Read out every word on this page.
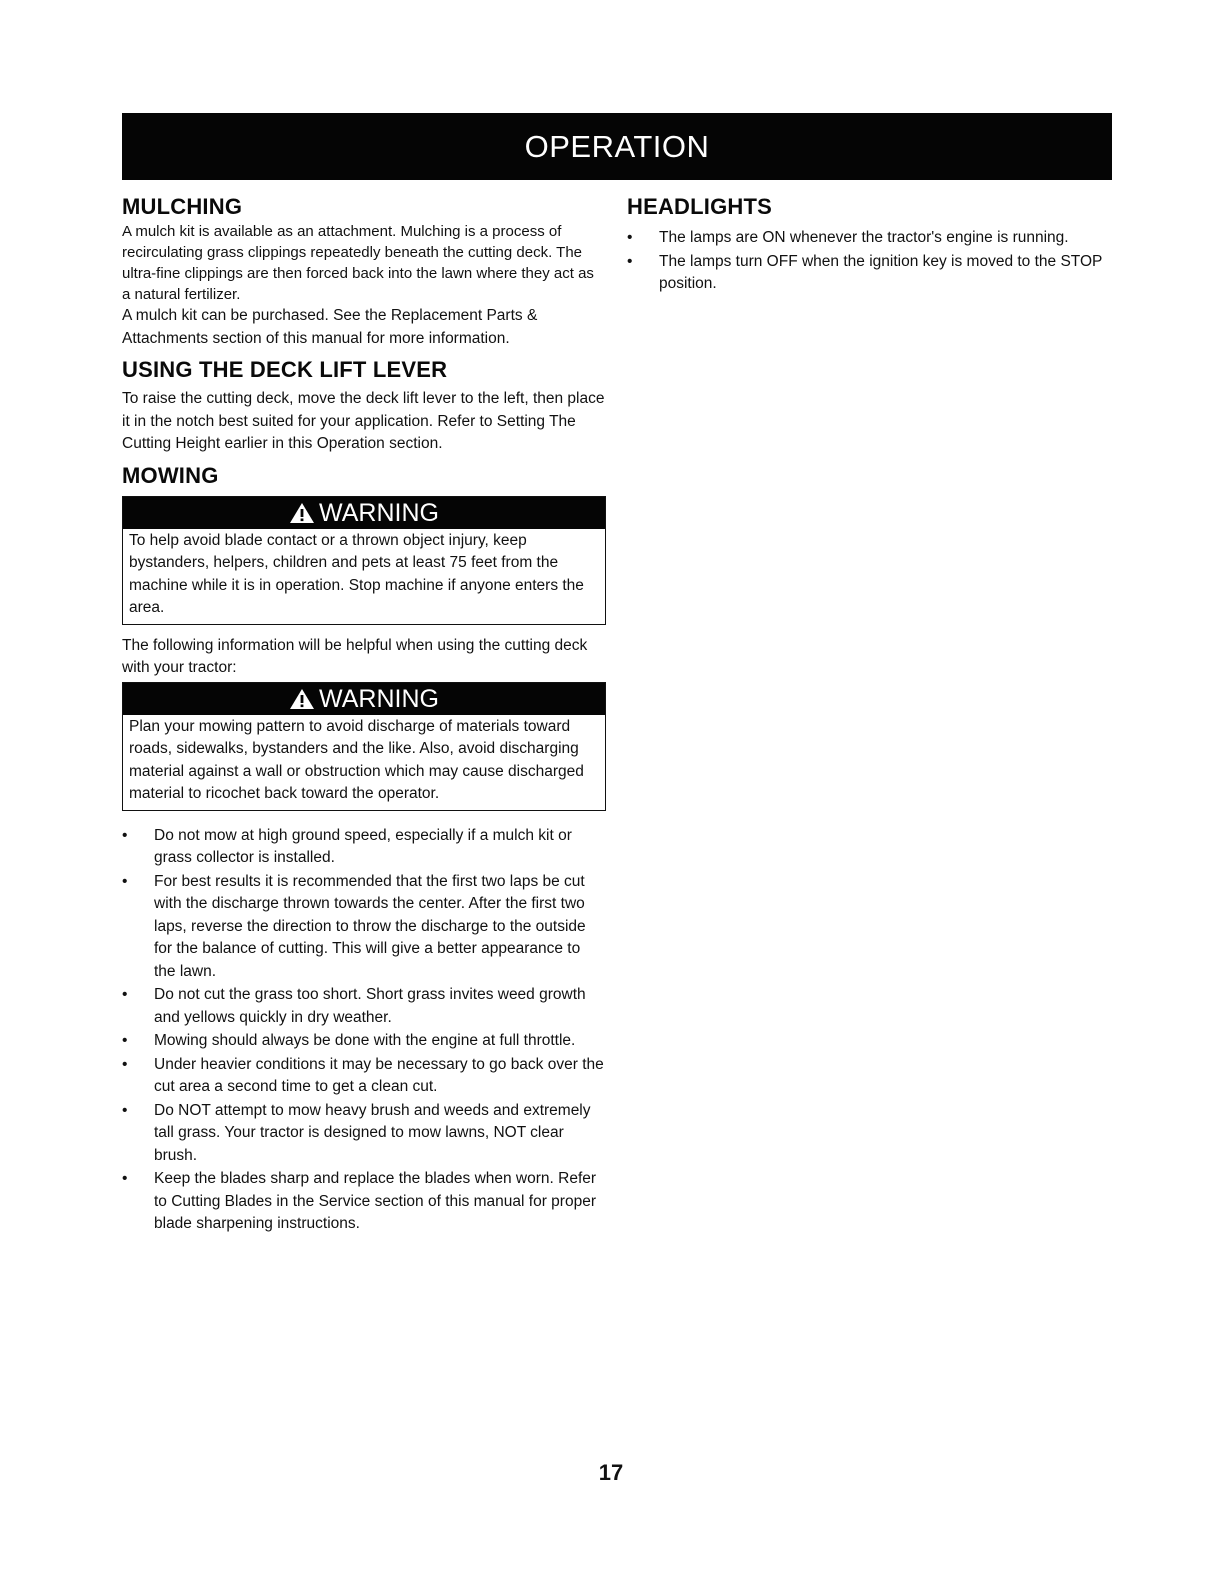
OPERATION
MULCHING

A mulch kit is available as an attachment. Mulching is a process of recirculating grass clippings repeatedly beneath the cutting deck. The ultra-fine clippings are then forced back into the lawn where they act as a natural fertilizer.

A mulch kit can be purchased. See the Replacement Parts & Attachments section of this manual for more information.

USING THE DECK LIFT LEVER

To raise the cutting deck, move the deck lift lever to the left, then place it in the notch best suited for your application. Refer to Setting The Cutting Height earlier in this Operation section.

MOWING
WARNING
To help avoid blade contact or a thrown object injury, keep bystanders, helpers, children and pets at least 75 feet from the machine while it is in operation. Stop machine if anyone enters the area.

The following information will be helpful when using the cutting deck with your tractor:

WARNING
Plan your mowing pattern to avoid discharge of materials toward roads, sidewalks, bystanders and the like. Also, avoid discharging material against a wall or obstruction which may cause discharged material to ricochet back toward the operator.
• Do not mow at high ground speed, especially if a mulch kit or grass collector is installed.
• For best results it is recommended that the first two laps be cut with the discharge thrown towards the center. After the first two laps, reverse the direction to throw the discharge to the outside for the balance of cutting. This will give a better appearance to the lawn.
• Do not cut the grass too short. Short grass invites weed growth and yellows quickly in dry weather.
• Mowing should always be done with the engine at full throttle.
• Under heavier conditions it may be necessary to go back over the cut area a second time to get a clean cut.
• Do NOT attempt to mow heavy brush and weeds and extremely tall grass. Your tractor is designed to mow lawns, NOT clear brush.
• Keep the blades sharp and replace the blades when worn. Refer to Cutting Blades in the Service section of this manual for proper blade sharpening instructions.
HEADLIGHTS
• The lamps are ON whenever the tractor's engine is running.
• The lamps turn OFF when the ignition key is moved to the STOP position.
17
